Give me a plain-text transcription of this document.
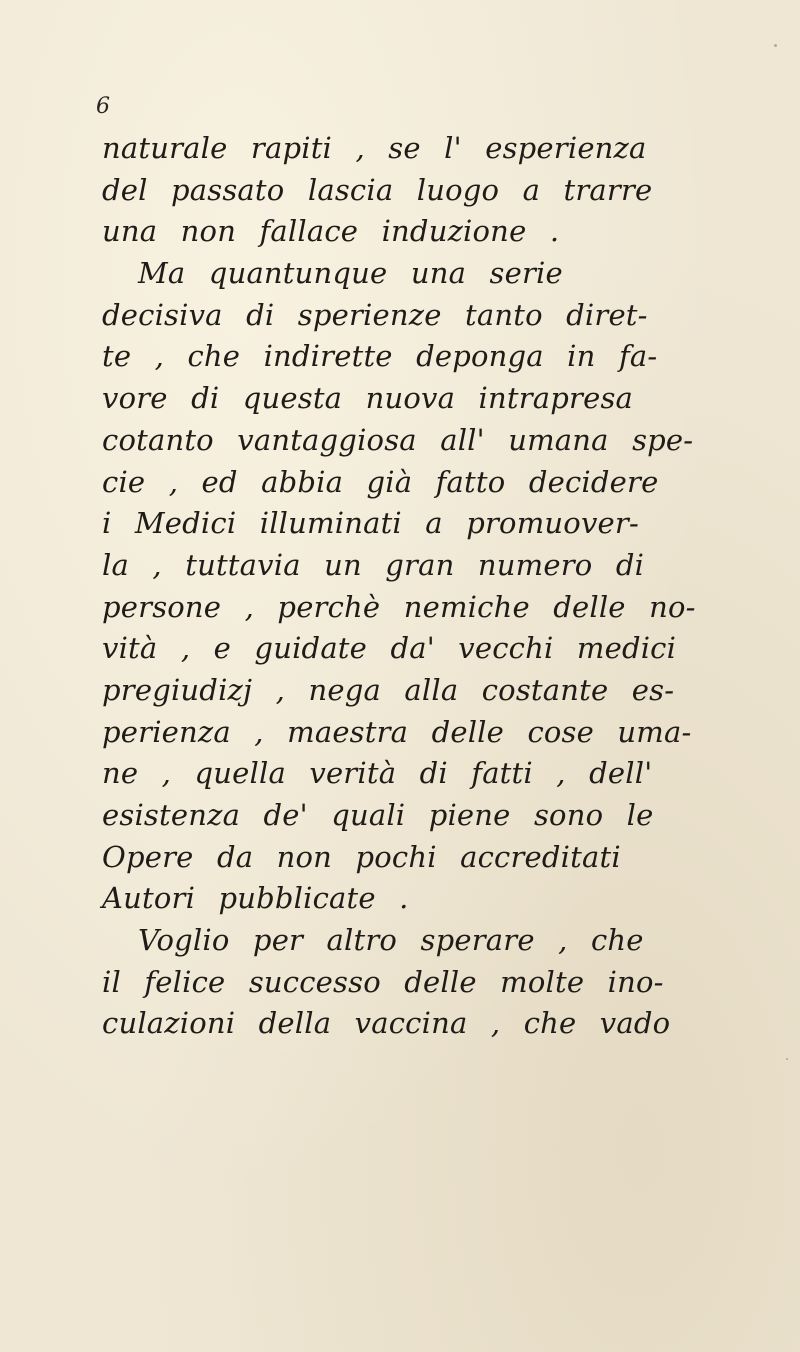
6
naturale rapiti , se l' esperienza
del passato lascia luogo a trarre
una non fallace induzione .
Ma quantunque una serie
decisiva di sperienze tanto diret-
te , che indirette deponga in fa-
vore di questa nuova intrapresa
cotanto vantaggiosa all' umana spe-
cie , ed abbia già fatto decidere
i Medici illuminati a promuover-
la , tuttavia un gran numero di
persone , perchè nemiche delle no-
vità , e guidate da' vecchi medici
pregiudizj , nega alla costante es-
perienza , maestra delle cose uma-
ne , quella verità di fatti , dell'
esistenza de' quali piene sono le
Opere da non pochi accreditati
Autori pubblicate .
Voglio per altro sperare , che
il felice successo delle molte ino-
culazioni della vaccina , che vado
